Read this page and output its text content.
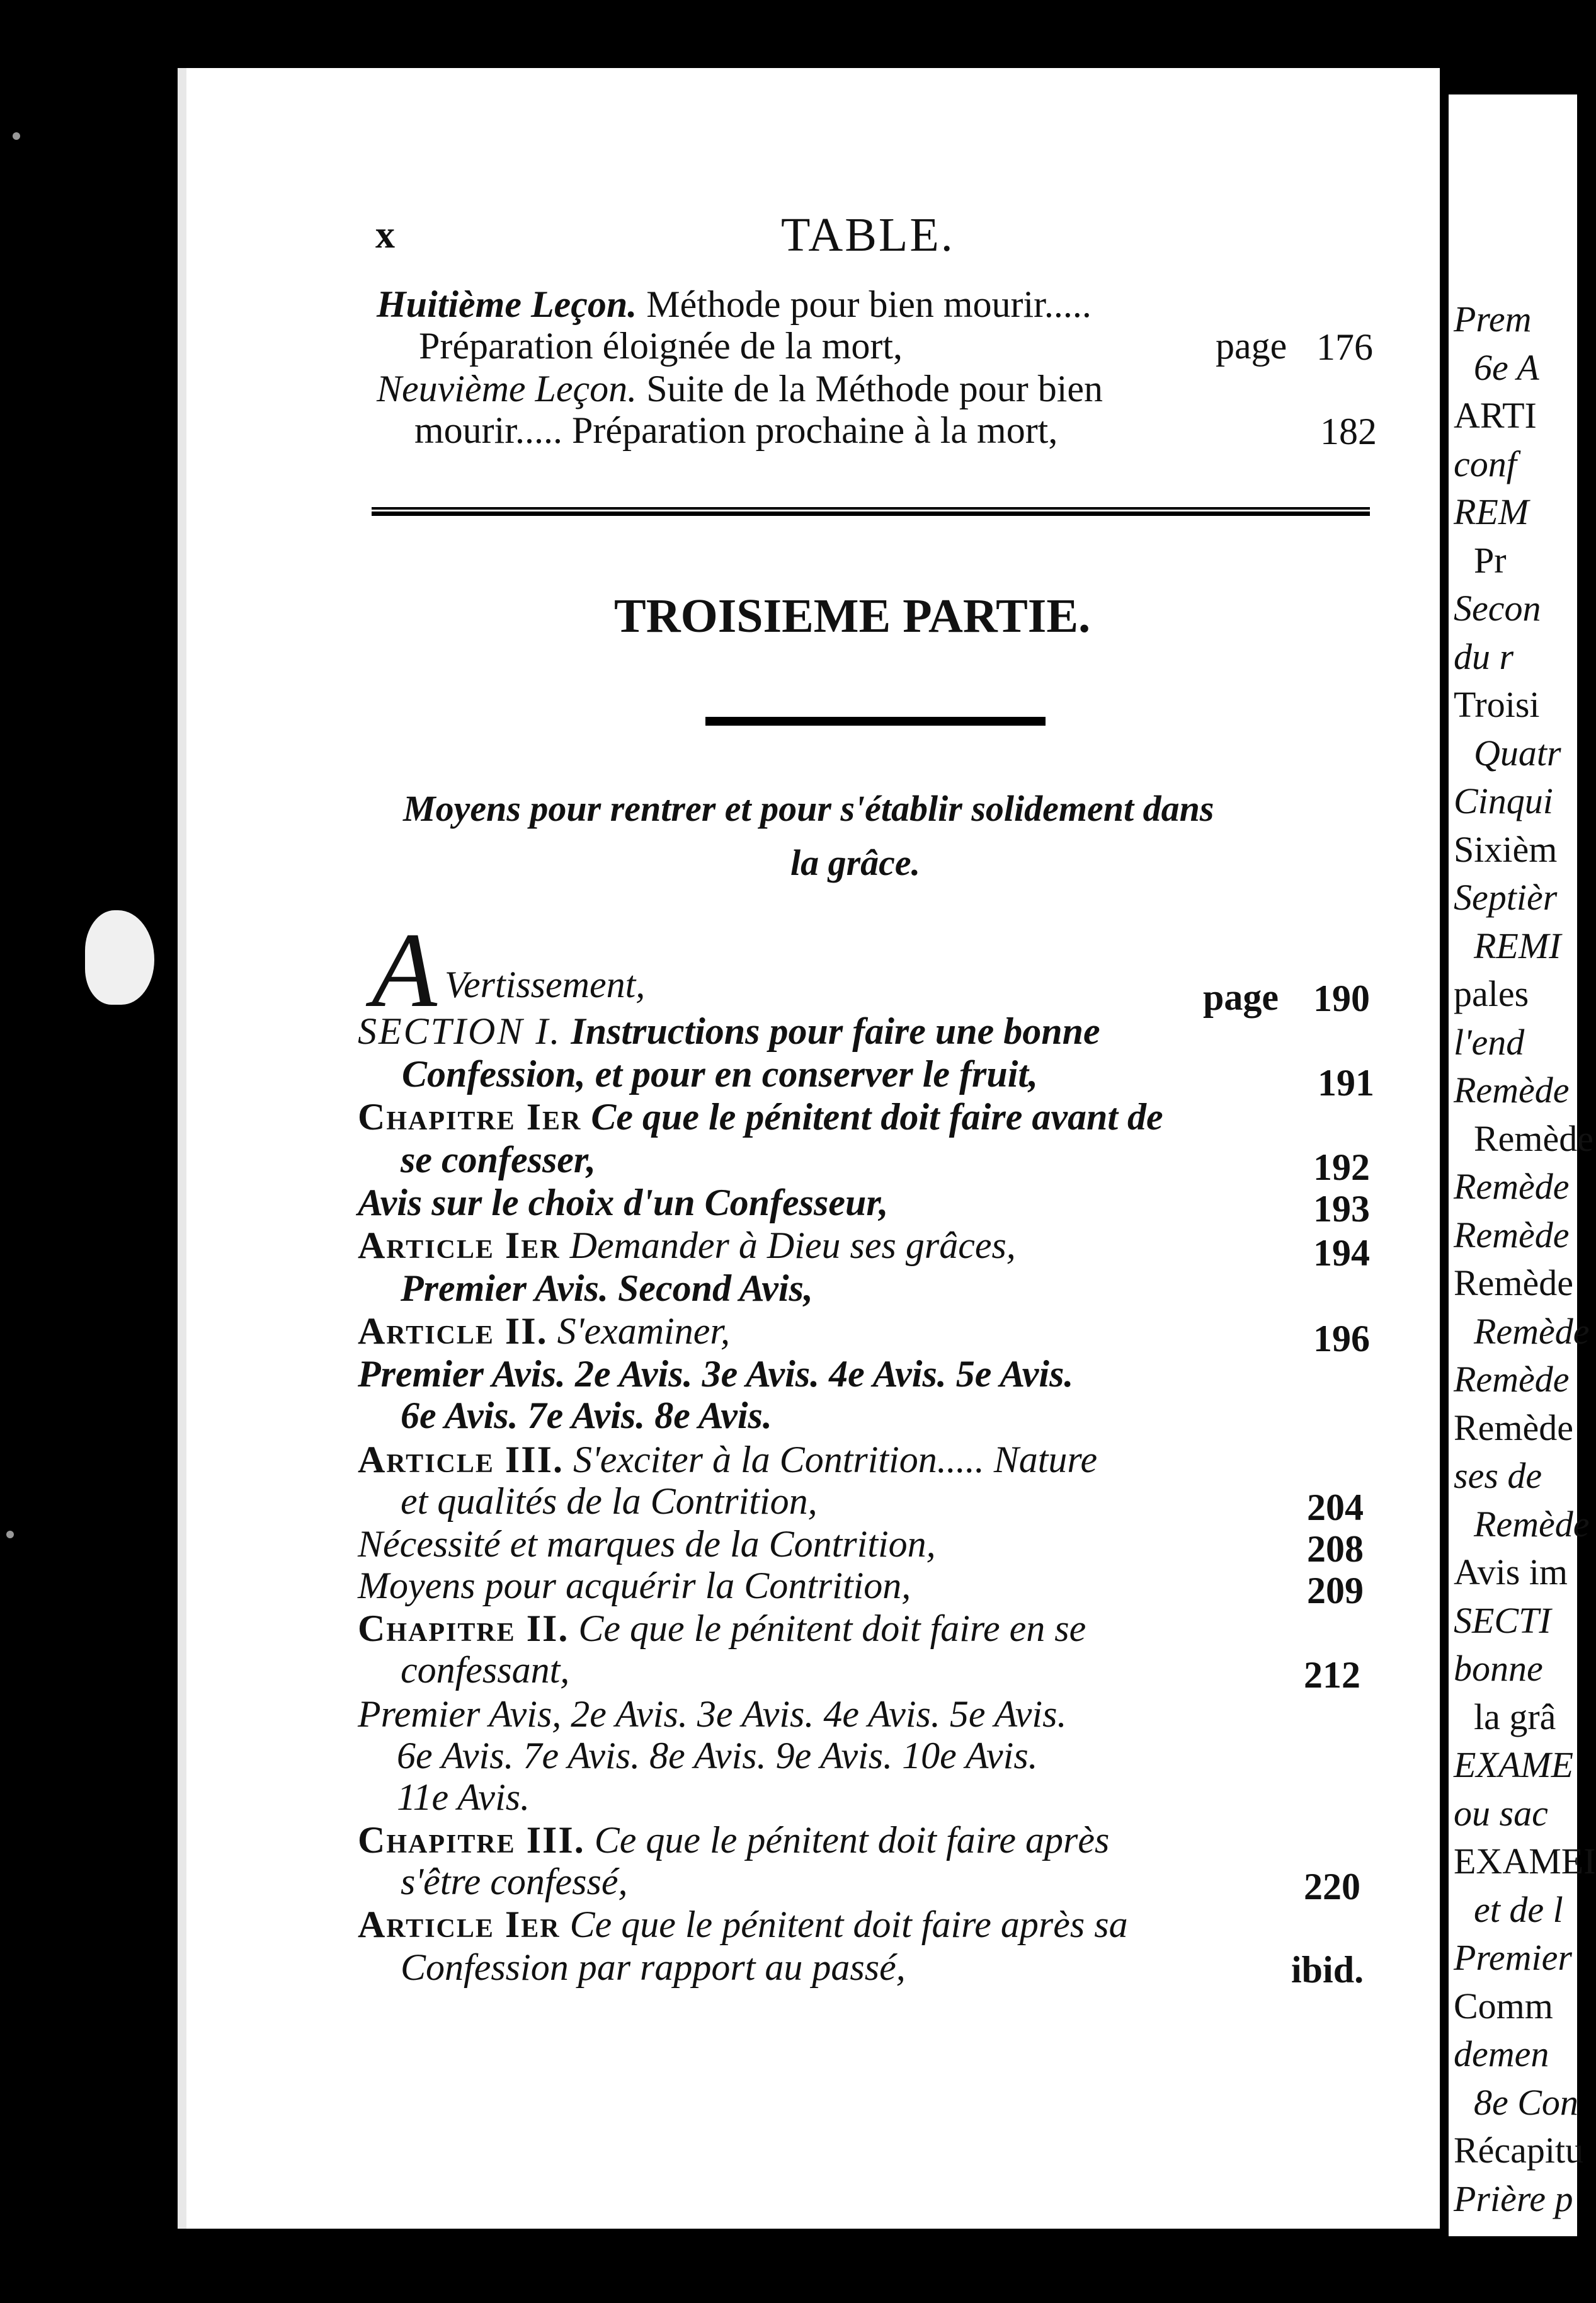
x	TABLE.
Huitième Leçon. Méthode pour bien mourir.....
Préparation éloignée de la mort,	page 176
Neuvième Leçon. Suite de la Méthode pour bien
mourir..... Préparation prochaine à la mort,	182
TROISIEME PARTIE.
Moyens pour rentrer et pour s'établir solidement dans
la grâce.
A Vertissement,	page 190
SECTION I. Instructions pour faire une bonne
Confession, et pour en conserver le fruit,	191
Chapitre Ier Ce que le pénitent doit faire avant de
se confesser,	192
Avis sur le choix d'un Confesseur,	193
Article Ier Demander à Dieu ses grâces,	194
Premier Avis. Second Avis,
Article II. S'examiner,	196
Premier Avis. 2e Avis. 3e Avis. 4e Avis. 5e Avis.
6e Avis. 7e Avis. 8e Avis.
Article III. S'exciter à la Contrition..... Nature
et qualités de la Contrition,	204
Nécessité et marques de la Contrition,	208
Moyens pour acquérir la Contrition,	209
Chapitre II. Ce que le pénitent doit faire en se
confessant,	212
Premier Avis, 2e Avis. 3e Avis. 4e Avis. 5e Avis.
6e Avis. 7e Avis. 8e Avis. 9e Avis. 10e Avis.
11e Avis.
Chapitre III. Ce que le pénitent doit faire après
s'être confessé,	220
Article Ier Ce que le pénitent doit faire après sa
Confession par rapport au passé,	ibid.
Prem
6e A
ARTI
conf
REM
Pr
Secon
du r
Troisi
Quatr
Cinqui
Sixièm
Septièr
REMI
pales
l'end
Remède
Remède
Remède
Remède
Remède
Remède
Remède
Remède
ses de
Remède
Avis im
SECTI
bonne
la grâ
EXAME
ou sac
EXAMEI
et de l
Premier
Comm
demen
8e Con
Récapitu
Prière p
